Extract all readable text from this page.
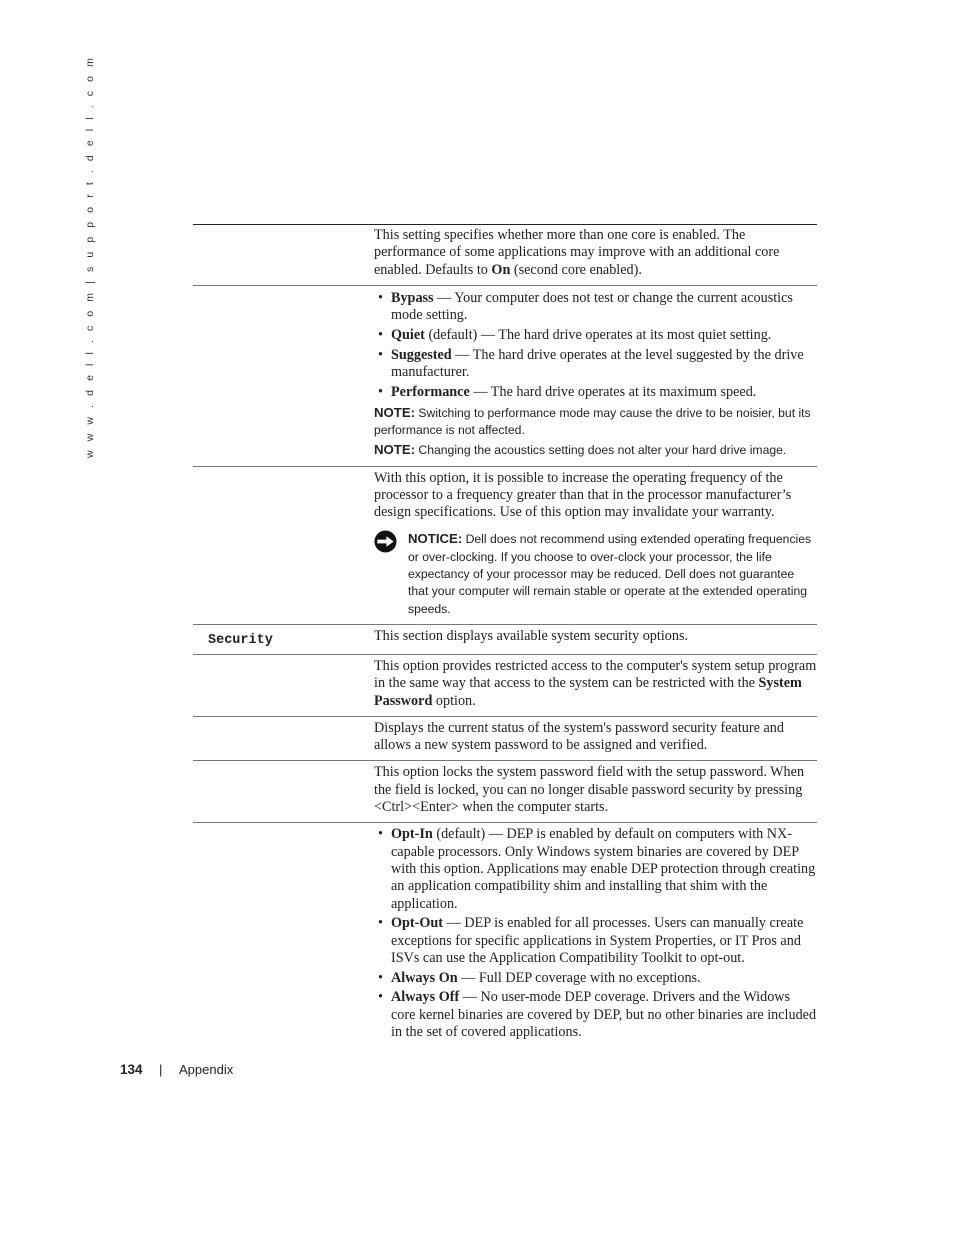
w w w . d e l l . c o m | s u p p o r t . d e l l . c o m	This setting specifies whether more than one core is enabled. The performance of some applications may improve with an additional core enabled. Defaults to On (second core enabled).

• Bypass — Your computer does not test or change the current acoustics mode setting.
• Quiet (default) — The hard drive operates at its most quiet setting.
• Suggested — The hard drive operates at the level suggested by the drive manufacturer.
• Performance — The hard drive operates at its maximum speed.

NOTE: Switching to performance mode may cause the drive to be noisier, but its performance is not affected.

NOTE: Changing the acoustics setting does not alter your hard drive image.

With this option, it is possible to increase the operating frequency of the processor to a frequency greater than that in the processor manufacturer’s design specifications. Use of this option may invalidate your warranty.

NOTICE: Dell does not recommend using extended operating frequencies or over-clocking. If you choose to over-clock your processor, the life expectancy of your processor may be reduced. Dell does not guarantee that your computer will remain stable or operate at the extended operating speeds.

Security	This section displays available system security options.

This option provides restricted access to the computer's system setup program in the same way that access to the system can be restricted with the System Password option.

Displays the current status of the system's password security feature and allows a new system password to be assigned and verified.

This option locks the system password field with the setup password. When the field is locked, you can no longer disable password security by pressing <Ctrl><Enter> when the computer starts.

• Opt-In (default) — DEP is enabled by default on computers with NX-capable processors. Only Windows system binaries are covered by DEP with this option. Applications may enable DEP protection through creating an application compatibility shim and installing that shim with the application.
• Opt-Out — DEP is enabled for all processes. Users can manually create exceptions for specific applications in System Properties, or IT Pros and ISVs can use the Application Compatibility Toolkit to opt-out.
• Always On — Full DEP coverage with no exceptions.
• Always Off — No user-mode DEP coverage. Drivers and the Widows core kernel binaries are covered by DEP, but no other binaries are included in the set of covered applications.
134 | Appendix
